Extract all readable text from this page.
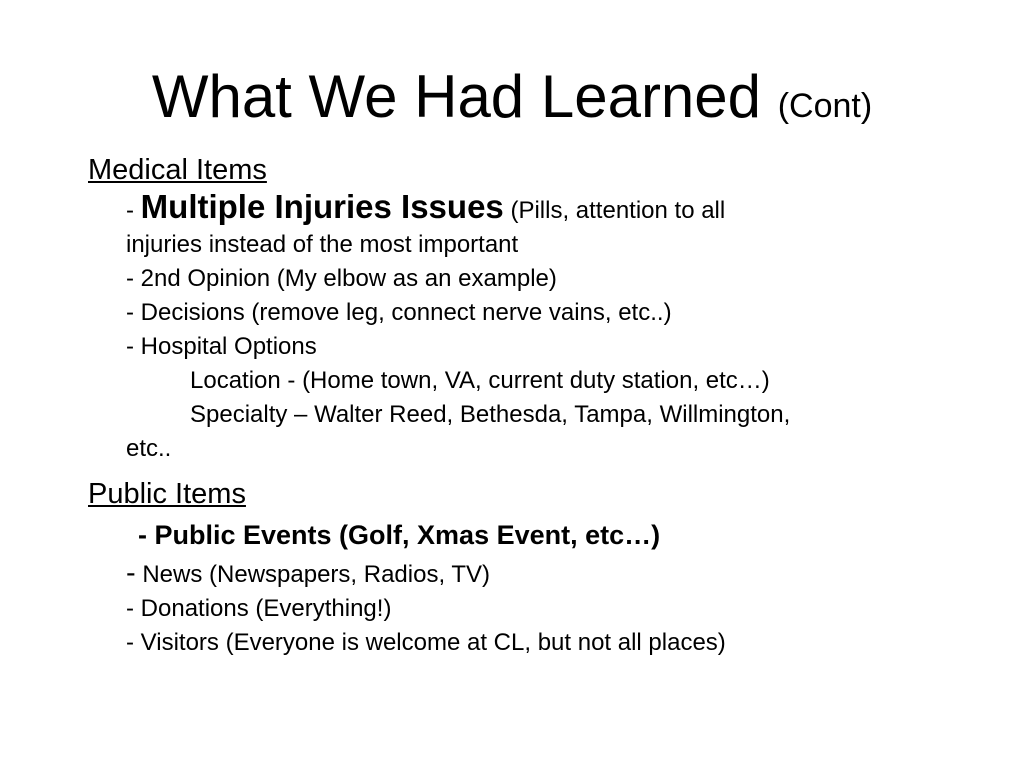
What We Had Learned (Cont)
Medical Items
- Multiple Injuries Issues (Pills, attention to all
injuries instead of the most important
- 2nd Opinion (My elbow as an example)
- Decisions (remove leg, connect nerve vains, etc..)
- Hospital Options
Location - (Home town, VA, current duty station, etc…)
Specialty – Walter Reed, Bethesda, Tampa, Willmington,
etc..
Public Items
- Public Events (Golf, Xmas Event, etc…)
- News (Newspapers, Radios, TV)
- Donations (Everything!)
- Visitors (Everyone is welcome at CL, but not all places)
